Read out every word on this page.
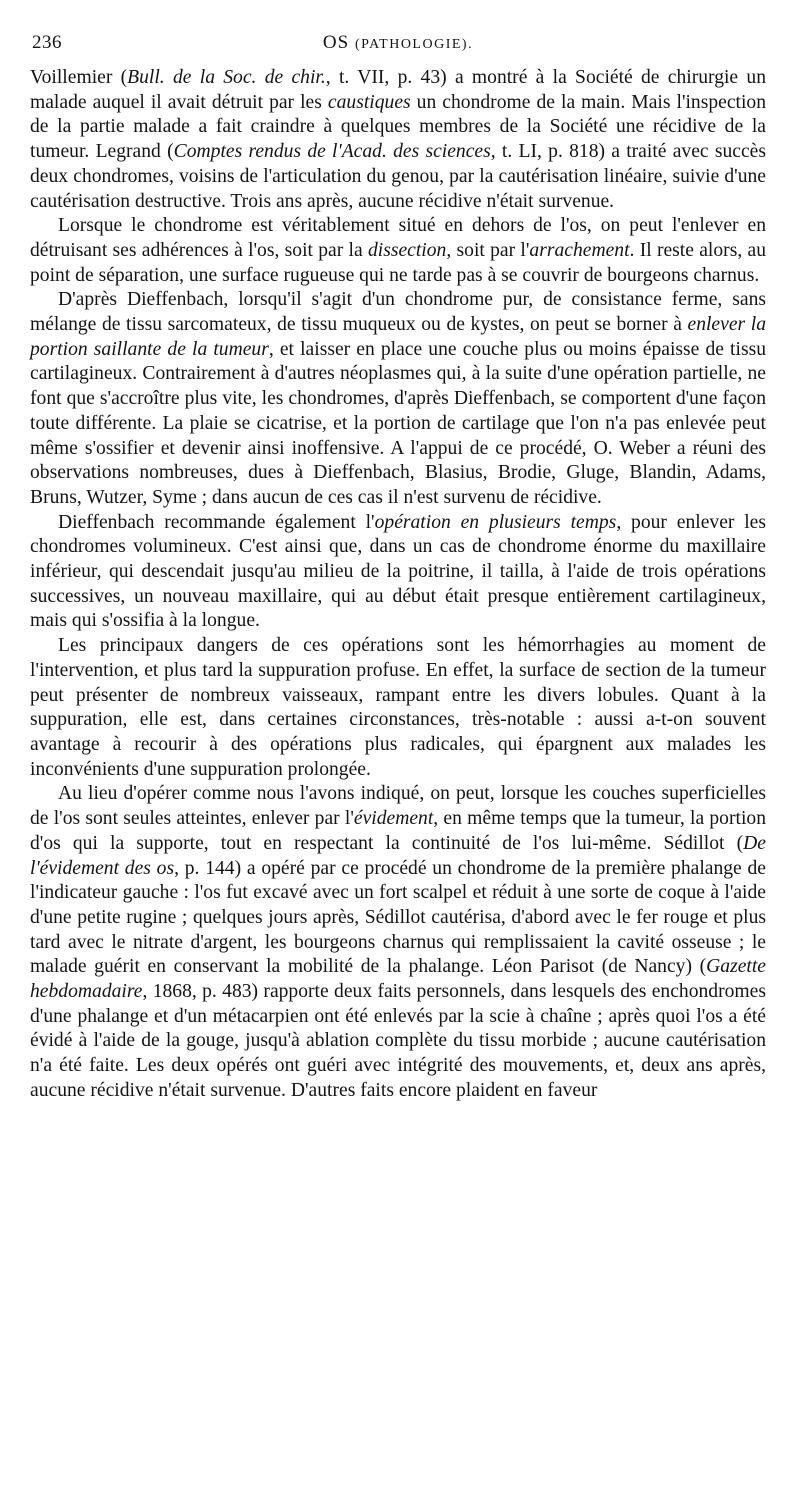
236	OS (PATHOLOGIE).

Voillemier (Bull. de la Soc. de chir., t. VII, p. 43) a montré à la Société de chirurgie un malade auquel il avait détruit par les caustiques un chondrome de la main. Mais l'inspection de la partie malade a fait craindre à quelques membres de la Société une récidive de la tumeur. Legrand (Comptes rendus de l'Acad. des sciences, t. LI, p. 818) a traité avec succès deux chondromes, voisins de l'articulation du genou, par la cautérisation linéaire, suivie d'une cautérisation destructive. Trois ans après, aucune récidive n'était survenue.

Lorsque le chondrome est véritablement situé en dehors de l'os, on peut l'enlever en détruisant ses adhérences à l'os, soit par la dissection, soit par l'arrachement. Il reste alors, au point de séparation, une surface rugueuse qui ne tarde pas à se couvrir de bourgeons charnus.

D'après Dieffenbach, lorsqu'il s'agit d'un chondrome pur, de consistance ferme, sans mélange de tissu sarcomateux, de tissu muqueux ou de kystes, on peut se borner à enlever la portion saillante de la tumeur, et laisser en place une couche plus ou moins épaisse de tissu cartilagineux. Contrairement à d'autres néoplasmes qui, à la suite d'une opération partielle, ne font que s'accroître plus vite, les chondromes, d'après Dieffenbach, se comportent d'une façon toute différente. La plaie se cicatrise, et la portion de cartilage que l'on n'a pas enlevée peut même s'ossifier et devenir ainsi inoffensive. A l'appui de ce procédé, O. Weber a réuni des observations nombreuses, dues à Dieffenbach, Blasius, Brodie, Gluge, Blandin, Adams, Bruns, Wutzer, Syme ; dans aucun de ces cas il n'est survenu de récidive.

Dieffenbach recommande également l'opération en plusieurs temps, pour enlever les chondromes volumineux. C'est ainsi que, dans un cas de chondrome énorme du maxillaire inférieur, qui descendait jusqu'au milieu de la poitrine, il tailla, à l'aide de trois opérations successives, un nouveau maxillaire, qui au début était presque entièrement cartilagineux, mais qui s'ossifia à la longue.

Les principaux dangers de ces opérations sont les hémorrhagies au moment de l'intervention, et plus tard la suppuration profuse. En effet, la surface de section de la tumeur peut présenter de nombreux vaisseaux, rampant entre les divers lobules. Quant à la suppuration, elle est, dans certaines circonstances, très-notable : aussi a-t-on souvent avantage à recourir à des opérations plus radicales, qui épargnent aux malades les inconvénients d'une suppuration prolongée.

Au lieu d'opérer comme nous l'avons indiqué, on peut, lorsque les couches superficielles de l'os sont seules atteintes, enlever par l'évidement, en même temps que la tumeur, la portion d'os qui la supporte, tout en respectant la continuité de l'os lui-même. Sédillot (De l'évidement des os, p. 144) a opéré par ce procédé un chondrome de la première phalange de l'indicateur gauche : l'os fut excavé avec un fort scalpel et réduit à une sorte de coque à l'aide d'une petite rugine ; quelques jours après, Sédillot cautérisa, d'abord avec le fer rouge et plus tard avec le nitrate d'argent, les bourgeons charnus qui remplissaient la cavité osseuse ; le malade guérit en conservant la mobilité de la phalange. Léon Parisot (de Nancy) (Gazette hebdomadaire, 1868, p. 483) rapporte deux faits personnels, dans lesquels des enchondromes d'une phalange et d'un métacarpien ont été enlevés par la scie à chaîne ; après quoi l'os a été évidé à l'aide de la gouge, jusqu'à ablation complète du tissu morbide ; aucune cautérisation n'a été faite. Les deux opérés ont guéri avec intégrité des mouvements, et, deux ans après, aucune récidive n'était survenue. D'autres faits encore plaident en faveur
